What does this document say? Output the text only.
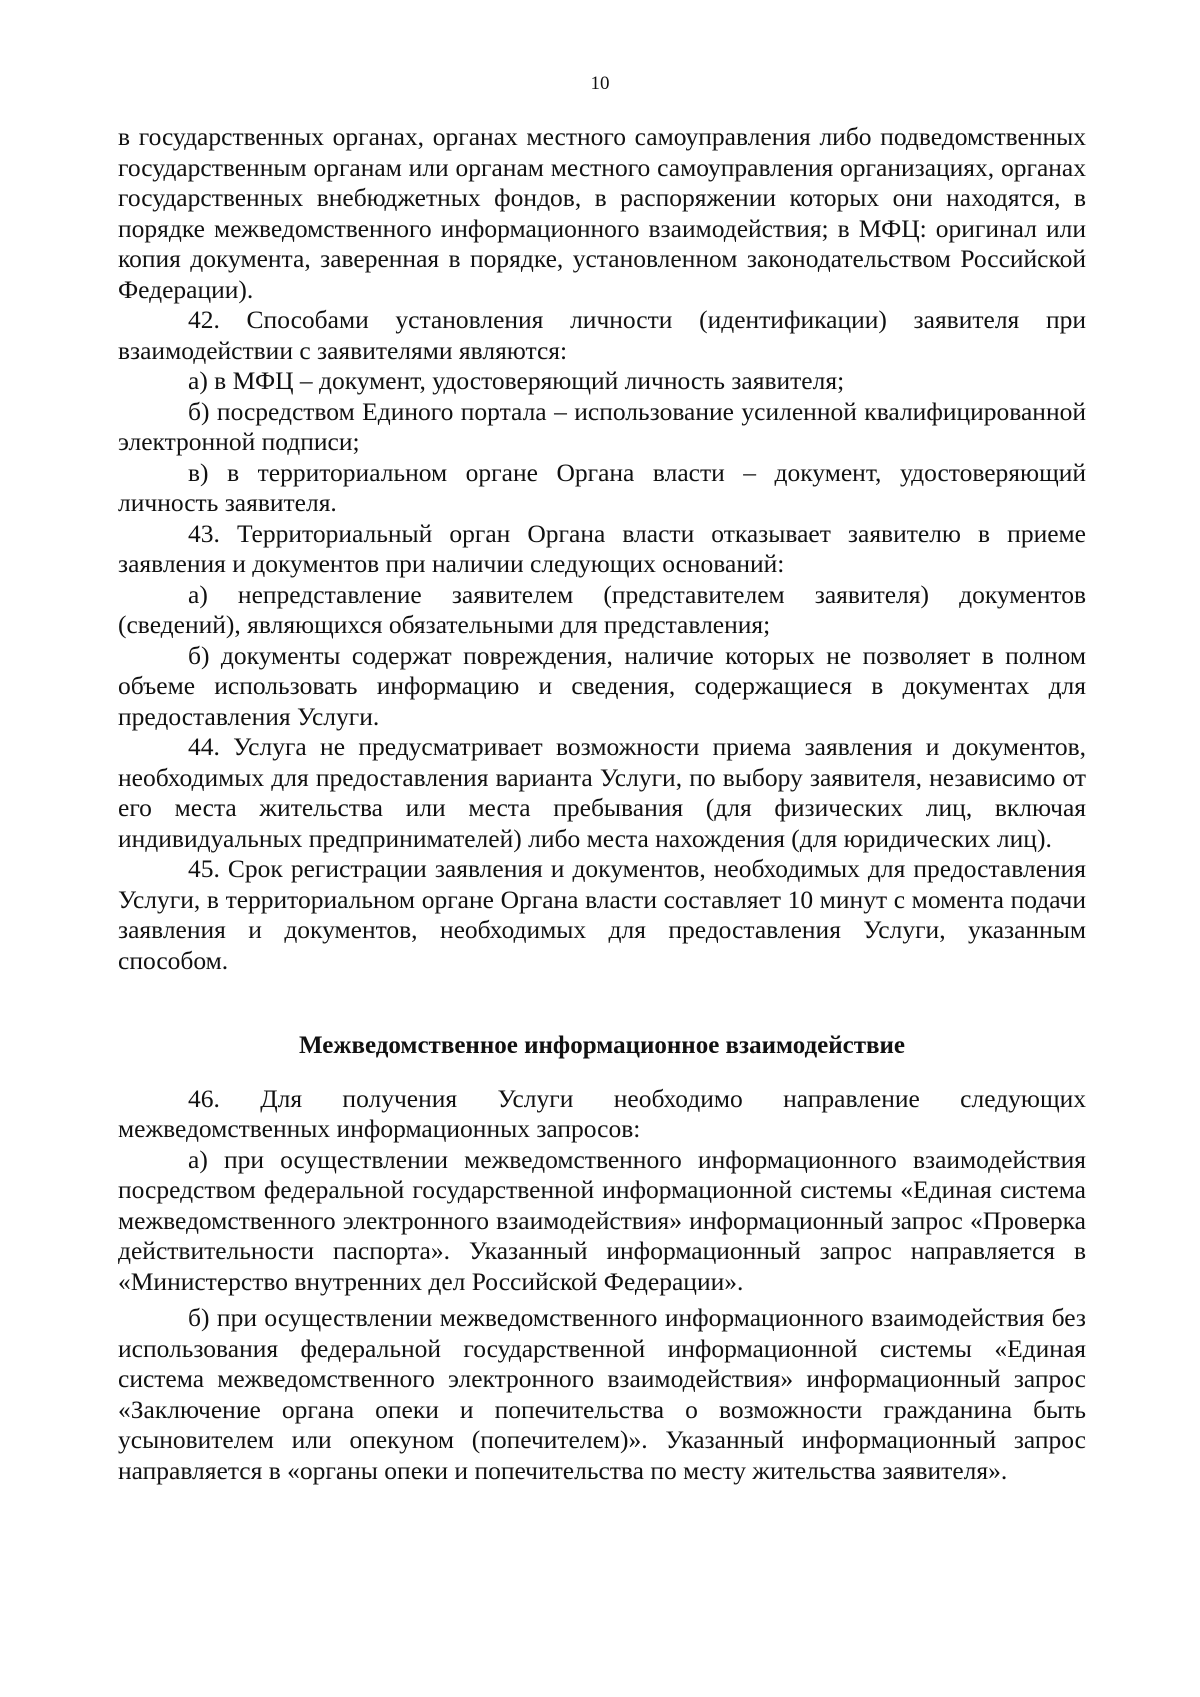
10

в государственных органах, органах местного самоуправления либо подведомственных государственным органам или органам местного самоуправления организациях, органах государственных внебюджетных фондов, в распоряжении которых они находятся, в порядке межведомственного информационного взаимодействия; в МФЦ: оригинал или копия документа, заверенная в порядке, установленном законодательством Российской Федерации).

42. Способами установления личности (идентификации) заявителя при взаимодействии с заявителями являются:

а) в МФЦ – документ, удостоверяющий личность заявителя;

б) посредством Единого портала – использование усиленной квалифицированной электронной подписи;

в) в территориальном органе Органа власти – документ, удостоверяющий личность заявителя.

43. Территориальный орган Органа власти отказывает заявителю в приеме заявления и документов при наличии следующих оснований:

а) непредставление заявителем (представителем заявителя) документов (сведений), являющихся обязательными для представления;

б) документы содержат повреждения, наличие которых не позволяет в полном объеме использовать информацию и сведения, содержащиеся в документах для предоставления Услуги.

44. Услуга не предусматривает возможности приема заявления и документов, необходимых для предоставления варианта Услуги, по выбору заявителя, независимо от его места жительства или места пребывания (для физических лиц, включая индивидуальных предпринимателей) либо места нахождения (для юридических лиц).

45. Срок регистрации заявления и документов, необходимых для предоставления Услуги, в территориальном органе Органа власти составляет 10 минут с момента подачи заявления и документов, необходимых для предоставления Услуги, указанным способом.

Межведомственное информационное взаимодействие

46. Для получения Услуги необходимо направление следующих межведомственных информационных запросов:

а) при осуществлении межведомственного информационного взаимодействия посредством федеральной государственной информационной системы «Единая система межведомственного электронного взаимодействия» информационный запрос «Проверка действительности паспорта». Указанный информационный запрос направляется в «Министерство внутренних дел Российской Федерации».

б) при осуществлении межведомственного информационного взаимодействия без использования федеральной государственной информационной системы «Единая система межведомственного электронного взаимодействия» информационный запрос «Заключение органа опеки и попечительства о возможности гражданина быть усыновителем или опекуном (попечителем)». Указанный информационный запрос направляется в «органы опеки и попечительства по месту жительства заявителя».
